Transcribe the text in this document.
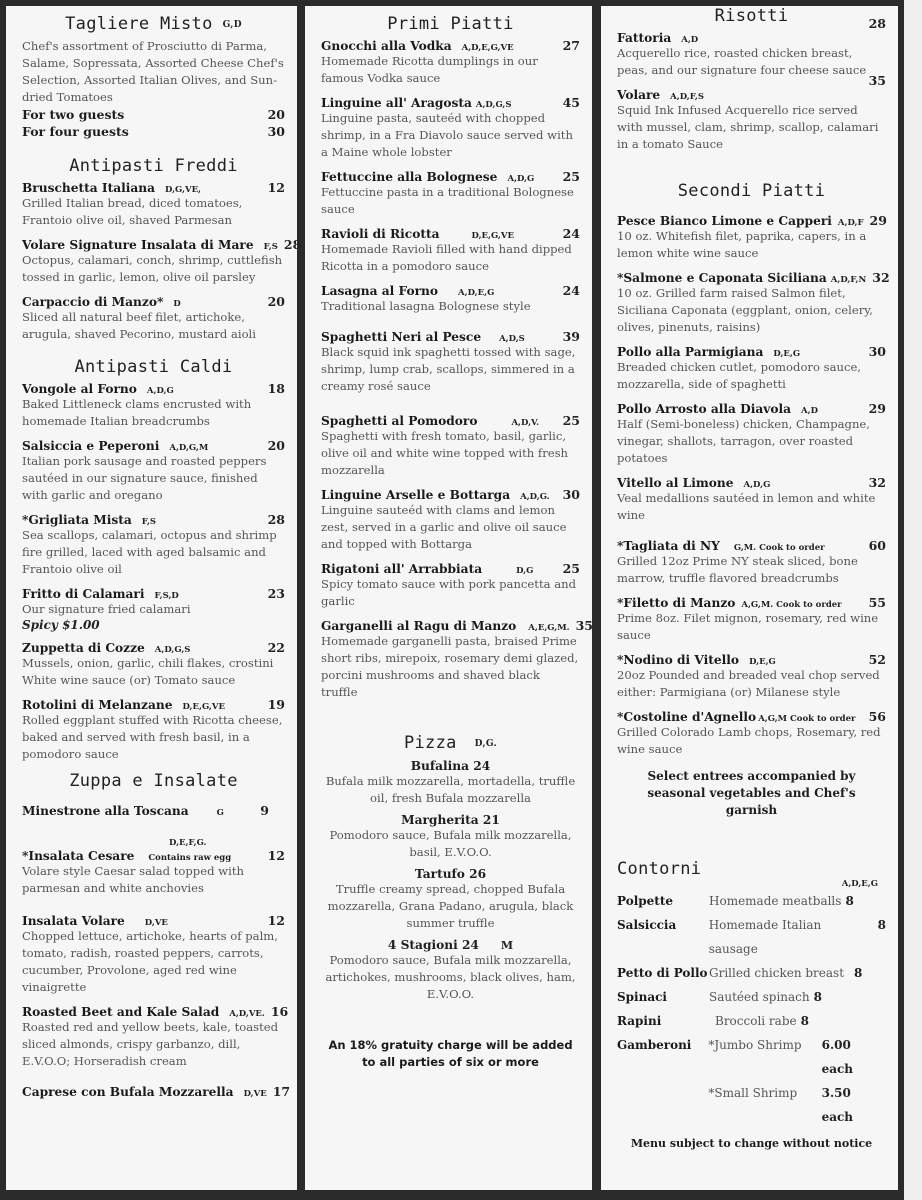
Tagliere Misto G,D
Chef's assortment of Prosciutto di Parma, Salame, Sopressata, Assorted Cheese Chef's Selection, Assorted Italian Olives, and Sun-dried Tomatoes
For two guests	20
For four guests	30
Antipasti Freddi
Bruschetta Italiana D,G,VE,	12
Grilled Italian bread, diced tomatoes, Frantoio olive oil, shaved Parmesan
Volare Signature Insalata di Mare F,S 28
Octopus, calamari, conch, shrimp, cuttlefish tossed in garlic, lemon, olive oil parsley
Carpaccio di Manzo* D	20
Sliced all natural beef filet, artichoke, arugula, shaved Pecorino, mustard aioli
Antipasti Caldi
Vongole al Forno A,D,G	18
Baked Littleneck clams encrusted with homemade Italian breadcrumbs
Salsiccia e Peperoni A,D,G,M	20
Italian pork sausage and roasted peppers sautéed in our signature sauce, finished with garlic and oregano
*Grigliata Mista F,S	28
Sea scallops, calamari, octopus and shrimp fire grilled, laced with aged balsamic and Frantoio olive oil
Fritto di Calamari F,S,D	23
Our signature fried calamari
Spicy $1.00
Zuppetta di Cozze A,D,G,S	22
Mussels, onion, garlic, chili flakes, crostini White wine sauce (or) Tomato sauce
Rotolini di Melanzane D,E,G,VE	19
Rolled eggplant stuffed with Ricotta cheese, baked and served with fresh basil, in a pomodoro sauce
Zuppa e Insalate
Minestrone alla Toscana	G	9
D,E,F,G.
*Insalata Cesare Contains raw egg	12
Volare style Caesar salad topped with parmesan and white anchovies
Insalata Volare D,VE	12
Chopped lettuce, artichoke, hearts of palm, tomato, radish, roasted peppers, carrots, cucumber, Provolone, aged red wine vinaigrette
Roasted Beet and Kale Salad A,D,VE. 16
Roasted red and yellow beets, kale, toasted sliced almonds, crispy garbanzo, dill, E.V.O.O; Horseradish cream
Caprese con Bufala Mozzarella D,VE 17
Primi Piatti
Gnocchi alla Vodka A,D,E,G,VE	27
Homemade Ricotta dumplings in our famous Vodka sauce
Linguine all' Aragosta A,D,G,S	45
Linguine pasta, sauteéd with chopped shrimp, in a Fra Diavolo sauce served with a Maine whole lobster
Fettuccine alla Bolognese A,D,G 25
Fettuccine pasta in a traditional Bolognese sauce
Ravioli di Ricotta	D,E,G,VE	24
Homemade Ravioli filled with hand dipped Ricotta in a pomodoro sauce
Lasagna al Forno A,D,E,G	24
Traditional lasagna Bolognese style
Spaghetti Neri al Pesce A,D,S	39
Black squid ink spaghetti tossed with sage, shrimp, lump crab, scallops, simmered in a creamy rosé sauce
Spaghetti al Pomodoro	A,D,V. 25
Spaghetti with fresh tomato, basil, garlic, olive oil and white wine topped with fresh mozzarella
Linguine Arselle e Bottarga A,D,G. 30
Linguine sauteéd with clams and lemon zest, served in a garlic and olive oil sauce and topped with Bottarga
Rigatoni all' Arrabbiata	D,G 25
Spicy tomato sauce with pork pancetta and garlic
Garganelli al Ragu di Manzo A,E,G,M. 35
Homemade garganelli pasta, braised Prime short ribs, mirepoix, rosemary demi glazed, porcini mushrooms and shaved black truffle
Pizza D,G.
Bufalina 24
Bufala milk mozzarella, mortadella, truffle oil, fresh Bufala mozzarella
Margherita 21
Pomodoro sauce, Bufala milk mozzarella, basil, E.V.O.O.
Tartufo 26
Truffle creamy spread, chopped Bufala mozzarella, Grana Padano, arugula, black summer truffle
4 Stagioni 24 M
Pomodoro sauce, Bufala milk mozzarella, artichokes, mushrooms, black olives, ham, E.V.O.O.
An 18% gratuity charge will be added to all parties of six or more
Risotti
Fattoria A,D
28
Acquerello rice, roasted chicken breast, peas, and our signature four cheese sauce
Volare A,D,F,S
35
Squid Ink Infused Acquerello rice served with mussel, clam, shrimp, scallop, calamari in a tomato Sauce
Secondi Piatti
Pesce Bianco Limone e Capperi A,D,F 29
10 oz. Whitefish filet, paprika, capers, in a lemon white wine sauce
*Salmone e Caponata Siciliana A,D,F,N 32
10 oz. Grilled farm raised Salmon filet, Siciliana Caponata (eggplant, onion, celery, olives, pinenuts, raisins)
Pollo alla Parmigiana D,E,G	30
Breaded chicken cutlet, pomodoro sauce, mozzarella, side of spaghetti
Pollo Arrosto alla Diavola A,D	29
Half (Semi-boneless) chicken, Champagne, vinegar, shallots, tarragon, over roasted potatoes
Vitello al Limone A,D,G	32
Veal medallions sautéed in lemon and white wine
*Tagliata di NY G,M. Cook to order	60
Grilled 12oz Prime NY steak sliced, bone marrow, truffle flavored breadcrumbs
*Filetto di Manzo A,G,M. Cook to order 55
Prime 8oz. Filet mignon, rosemary, red wine sauce
*Nodino di Vitello D,E,G	52
20oz Pounded and breaded veal chop served either: Parmigiana (or) Milanese style
*Costoline d'Agnello A,G,M Cook to order 56
Grilled Colorado Lamb chops, Rosemary, red wine sauce
Select entrees accompanied by seasonal vegetables and Chef's garnish
Contorni
A,D,E,G
Polpette	Homemade meatballs 8
Salsiccia	Homemade Italian sausage
8
Petto di Pollo Grilled chicken breast 8
Spinaci	Sautéed spinach 8
Rapini	Broccoli rabe 8
Gamberoni	*Jumbo Shrimp	6.00 each
*Small Shrimp	3.50 each
Menu subject to change without notice
